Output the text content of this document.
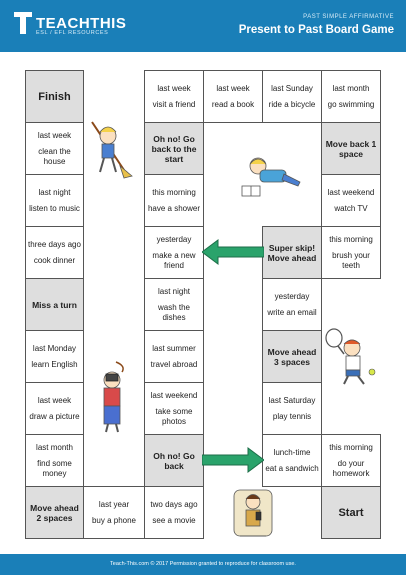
TEACHTHIS
ESL / EFL RESOURCES
PAST SIMPLE AFFIRMATIVE
Present to Past Board Game
Finish
last week
visit a friend
last week
read a book
last Sunday
ride a bicycle
last month
go swimming
last week
clean the house
Oh no! Go back to the start
Move back 1 space
last night
listen to music
this morning
have a shower
last weekend
watch TV
three days ago
cook dinner
yesterday
make a new friend
Super skip! Move ahead
this morning
brush your teeth
Miss a turn
last night
wash the dishes
yesterday
write an email
last Monday
learn English
last summer
travel abroad
Move ahead 3 spaces
last week
draw a picture
last weekend
take some photos
last Saturday
play tennis
last month
find some money
Oh no! Go back
lunch-time
eat a sandwich
this morning
do your homework
Move ahead 2 spaces
last year
buy a phone
two days ago
see a movie
Start
Teach-This.com © 2017 Permission granted to reproduce for classroom use.
